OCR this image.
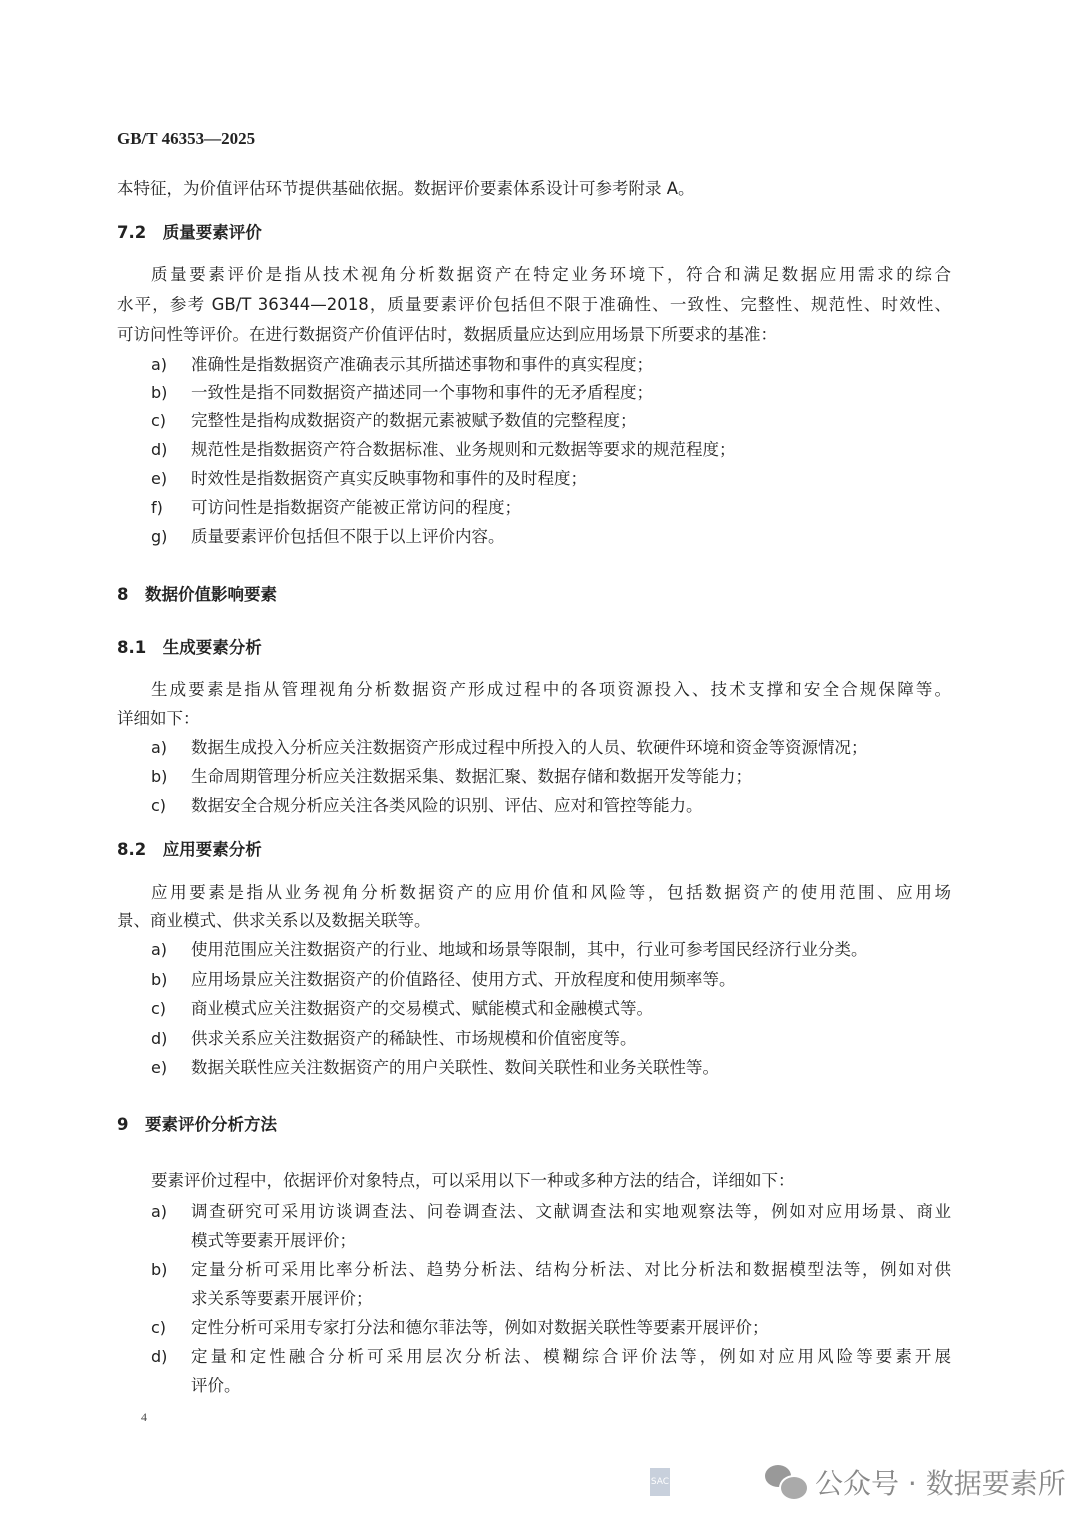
GB/T 46353—2025
本特征，为价值评估环节提供基础依据。数据评价要素体系设计可参考附录 A。
7.2　质量要素评价
质量要素评价是指从技术视角分析数据资产在特定业务环境下，符合和满足数据应用需求的综合
水平，参考 GB/T 36344—2018，质量要素评价包括但不限于准确性、一致性、完整性、规范性、时效性、
可访问性等评价。在进行数据资产价值评估时，数据质量应达到应用场景下所要求的基准：
a) 准确性是指数据资产准确表示其所描述事物和事件的真实程度；
b) 一致性是指不同数据资产描述同一个事物和事件的无矛盾程度；
c) 完整性是指构成数据资产的数据元素被赋予数值的完整程度；
d) 规范性是指数据资产符合数据标准、业务规则和元数据等要求的规范程度；
e) 时效性是指数据资产真实反映事物和事件的及时程度；
f) 可访问性是指数据资产能被正常访问的程度；
g) 质量要素评价包括但不限于以上评价内容。
8　数据价值影响要素
8.1　生成要素分析
生成要素是指从管理视角分析数据资产形成过程中的各项资源投入、技术支撑和安全合规保障等。
详细如下：
a) 数据生成投入分析应关注数据资产形成过程中所投入的人员、软硬件环境和资金等资源情况；
b) 生命周期管理分析应关注数据采集、数据汇聚、数据存储和数据开发等能力；
c) 数据安全合规分析应关注各类风险的识别、评估、应对和管控等能力。
8.2　应用要素分析
应用要素是指从业务视角分析数据资产的应用价值和风险等，包括数据资产的使用范围、应用场
景、商业模式、供求关系以及数据关联等。
a) 使用范围应关注数据资产的行业、地域和场景等限制，其中，行业可参考国民经济行业分类。
b) 应用场景应关注数据资产的价值路径、使用方式、开放程度和使用频率等。
c) 商业模式应关注数据资产的交易模式、赋能模式和金融模式等。
d) 供求关系应关注数据资产的稀缺性、市场规模和价值密度等。
e) 数据关联性应关注数据资产的用户关联性、数间关联性和业务关联性等。
9　要素评价分析方法
要素评价过程中，依据评价对象特点，可以采用以下一种或多种方法的结合，详细如下：
a) 调查研究可采用访谈调查法、问卷调查法、文献调查法和实地观察法等，例如对应用场景、商业
模式等要素开展评价；
b) 定量分析可采用比率分析法、趋势分析法、结构分析法、对比分析法和数据模型法等，例如对供
求关系等要素开展评价；
c) 定性分析可采用专家打分法和德尔菲法等，例如对数据关联性等要素开展评价；
d) 定量和定性融合分析可采用层次分析法、模糊综合评价法等，例如对应用风险等要素开展
评价。
4
SAC	公众号 · 数据要素所
